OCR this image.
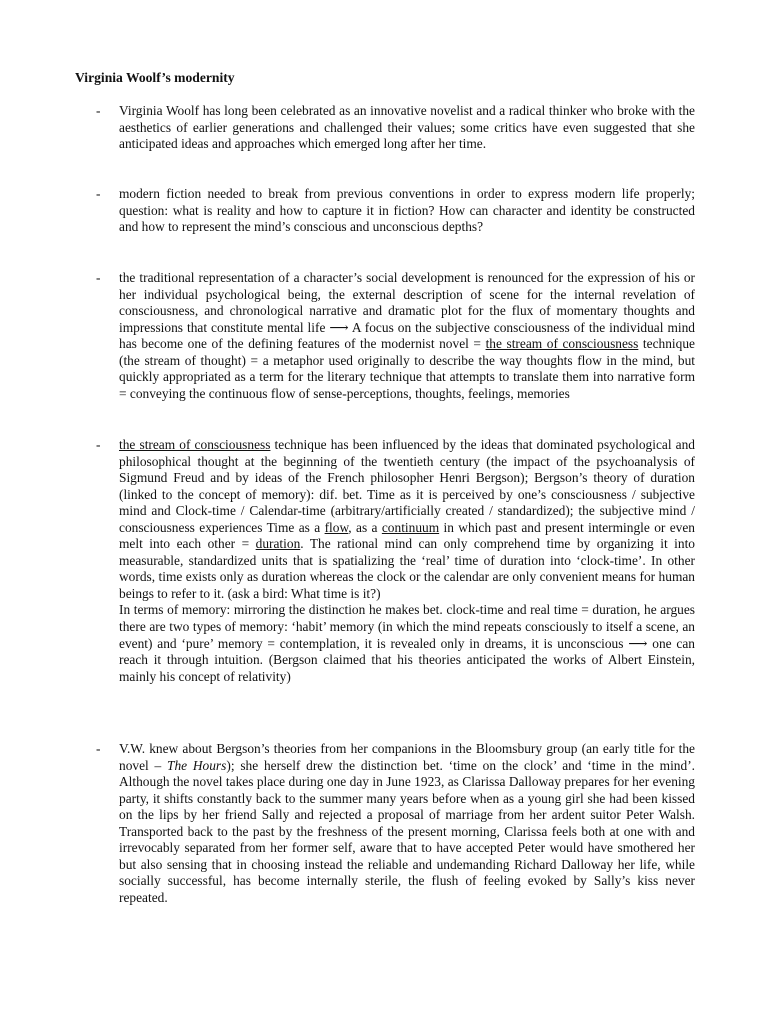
Virginia Woolf’s modernity
-	Virginia Woolf has long been celebrated as an innovative novelist and a radical thinker who broke with the aesthetics of earlier generations and challenged their values; some critics have even suggested that she anticipated ideas and approaches which emerged long after her time.

-	modern fiction needed to break from previous conventions in order to express modern life properly; question: what is reality and how to capture it in fiction? How can character and identity be constructed and how to represent the mind’s conscious and unconscious depths?

-	the traditional representation of a character’s social development is renounced for the expression of his or her individual psychological being, the external description of scene for the internal revelation of consciousness, and chronological narrative and dramatic plot for the flux of momentary thoughts and impressions that constitute mental life ⟶ A focus on the subjective consciousness of the individual mind has become one of the defining features of the modernist novel = the stream of consciousness technique (the stream of thought) = a metaphor used originally to describe the way thoughts flow in the mind, but quickly appropriated as a term for the literary technique that attempts to translate them into narrative form = conveying the continuous flow of sense-perceptions, thoughts, feelings, memories

-	the stream of consciousness technique has been influenced by the ideas that dominated psychological and philosophical thought at the beginning of the twentieth century (the impact of the psychoanalysis of Sigmund Freud and by ideas of the French philosopher Henri Bergson); Bergson’s theory of duration (linked to the concept of memory): dif. bet. Time as it is perceived by one’s consciousness / subjective mind and Clock-time / Calendar-time (arbitrary/artificially created / standardized); the subjective mind / consciousness experiences Time as a flow, as a continuum in which past and present intermingle or even melt into each other = duration. The rational mind can only comprehend time by organizing it into measurable, standardized units that is spatializing the ‘real’ time of duration into ‘clock-time’. In other words, time exists only as duration whereas the clock or the calendar are only convenient means for human beings to refer to it. (ask a bird: What time is it?)

In terms of memory: mirroring the distinction he makes bet. clock-time and real time = duration, he argues there are two types of memory: ‘habit’ memory (in which the mind repeats consciously to itself a scene, an event) and ‘pure’ memory = contemplation, it is revealed only in dreams, it is unconscious ⟶ one can reach it through intuition. (Bergson claimed that his theories anticipated the works of Albert Einstein, mainly his concept of relativity)

-	V.W. knew about Bergson’s theories from her companions in the Bloomsbury group (an early title for the novel – The Hours); she herself drew the distinction bet. ‘time on the clock’ and ‘time in the mind’. Although the novel takes place during one day in June 1923, as Clarissa Dalloway prepares for her evening party, it shifts constantly back to the summer many years before when as a young girl she had been kissed on the lips by her friend Sally and rejected a proposal of marriage from her ardent suitor Peter Walsh. Transported back to the past by the freshness of the present morning, Clarissa feels both at one with and irrevocably separated from her former self, aware that to have accepted Peter would have smothered her but also sensing that in choosing instead the reliable and undemanding Richard Dalloway her life, while socially successful, has become internally sterile, the flush of feeling evoked by Sally’s kiss never repeated.
